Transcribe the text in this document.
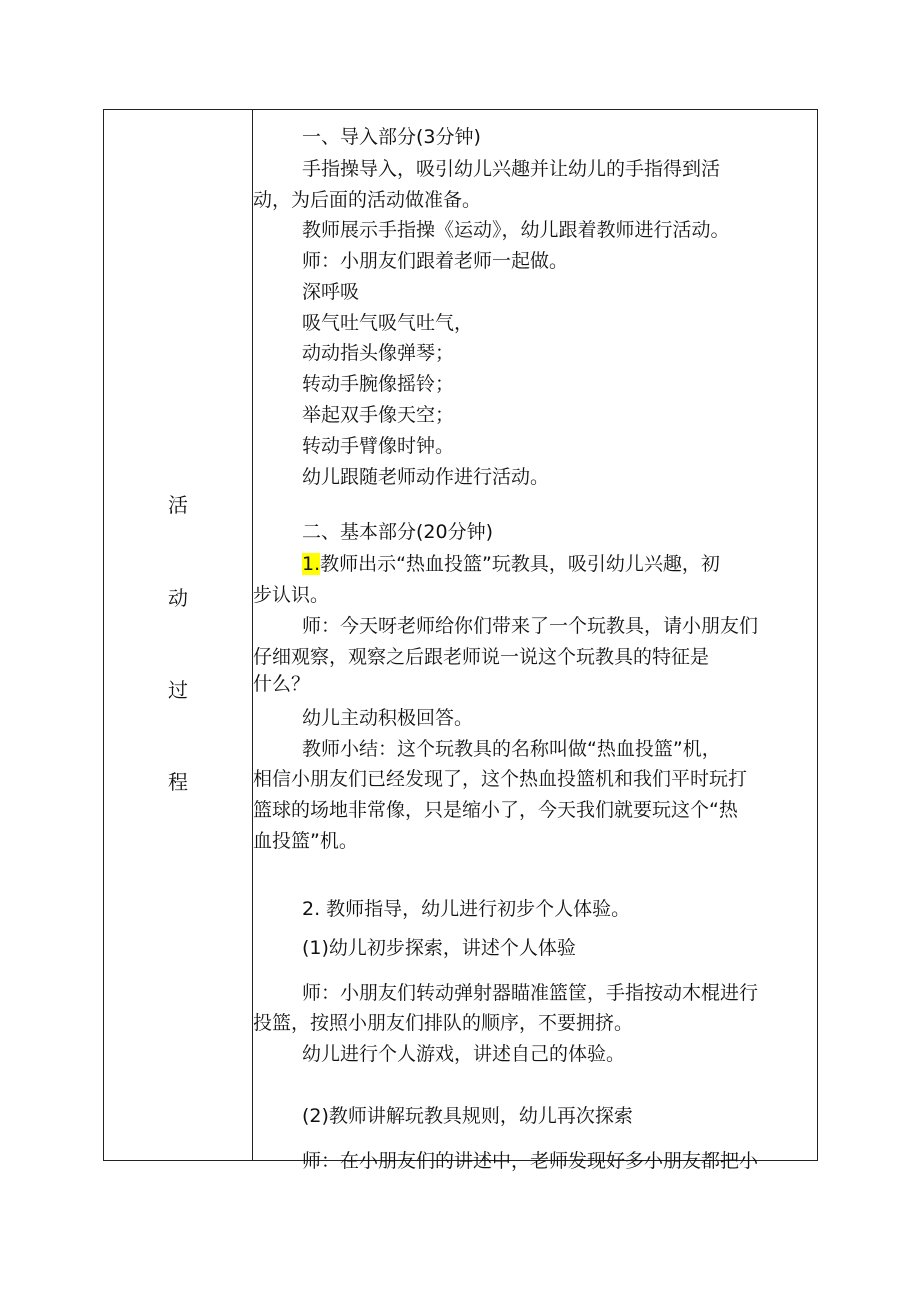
活
动
过
程
一、导入部分(3分钟)
手指操导入，吸引幼儿兴趣并让幼儿的手指得到活
动，为后面的活动做准备。
教师展示手指操《运动》，幼儿跟着教师进行活动。
师：小朋友们跟着老师一起做。
深呼吸
吸气吐气吸气吐气，
动动指头像弹琴；
转动手腕像摇铃；
举起双手像天空；
转动手臂像时钟。
幼儿跟随老师动作进行活动。
二、基本部分(20分钟)
1.教师出示“热血投篮”玩教具，吸引幼儿兴趣，初
步认识。
师：今天呀老师给你们带来了一个玩教具，请小朋友们
仔细观察，观察之后跟老师说一说这个玩教具的特征是
什么？
幼儿主动积极回答。
教师小结：这个玩教具的名称叫做“热血投篮”机，
相信小朋友们已经发现了，这个热血投篮机和我们平时玩打
篮球的场地非常像，只是缩小了，今天我们就要玩这个“热
血投篮”机。
2. 教师指导，幼儿进行初步个人体验。
(1)幼儿初步探索，讲述个人体验
师：小朋友们转动弹射器瞄准篮筐，手指按动木棍进行
投篮，按照小朋友们排队的顺序，不要拥挤。
幼儿进行个人游戏，讲述自己的体验。
(2)教师讲解玩教具规则，幼儿再次探索
师：在小朋友们的讲述中，老师发现好多小朋友都把小
